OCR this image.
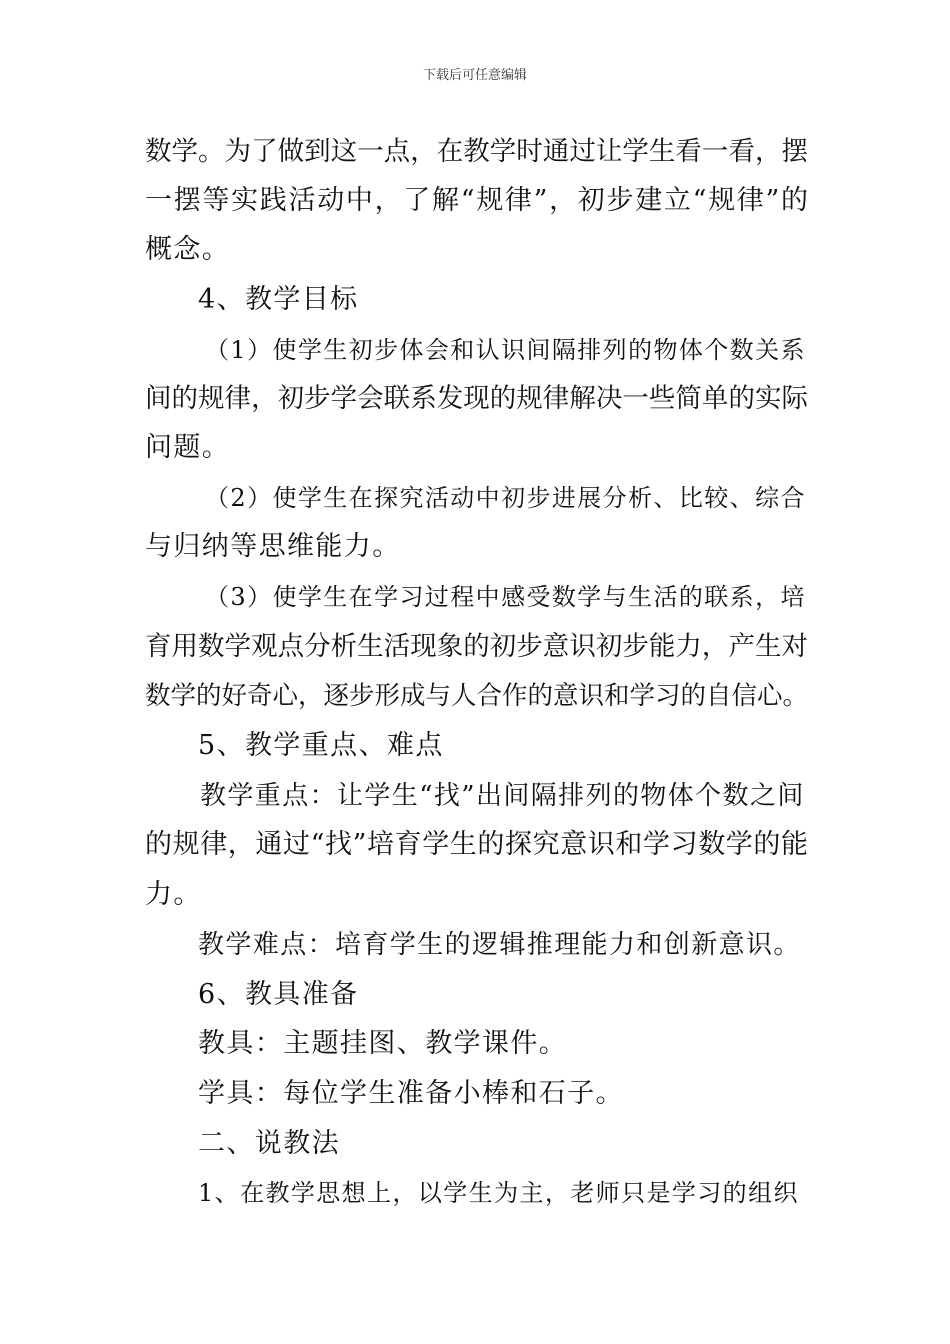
下载后可任意编辑
数学。为了做到这一点，在教学时通过让学生看一看，摆
一摆等实践活动中，了解“规律”，初步建立“规律”的
概念。
4、教学目标
（1）使学生初步体会和认识间隔排列的物体个数关系
间的规律，初步学会联系发现的规律解决一些简单的实际
问题。
（2）使学生在探究活动中初步进展分析、比较、综合
与归纳等思维能力。
（3）使学生在学习过程中感受数学与生活的联系，培
育用数学观点分析生活现象的初步意识初步能力，产生对
数学的好奇心，逐步形成与人合作的意识和学习的自信心。
5、教学重点、难点
教学重点：让学生“找”出间隔排列的物体个数之间
的规律，通过“找”培育学生的探究意识和学习数学的能
力。
教学难点：培育学生的逻辑推理能力和创新意识。
6、教具准备
教具：主题挂图、教学课件。
学具：每位学生准备小棒和石子。
二、说教法
1、在教学思想上，以学生为主，老师只是学习的组织
